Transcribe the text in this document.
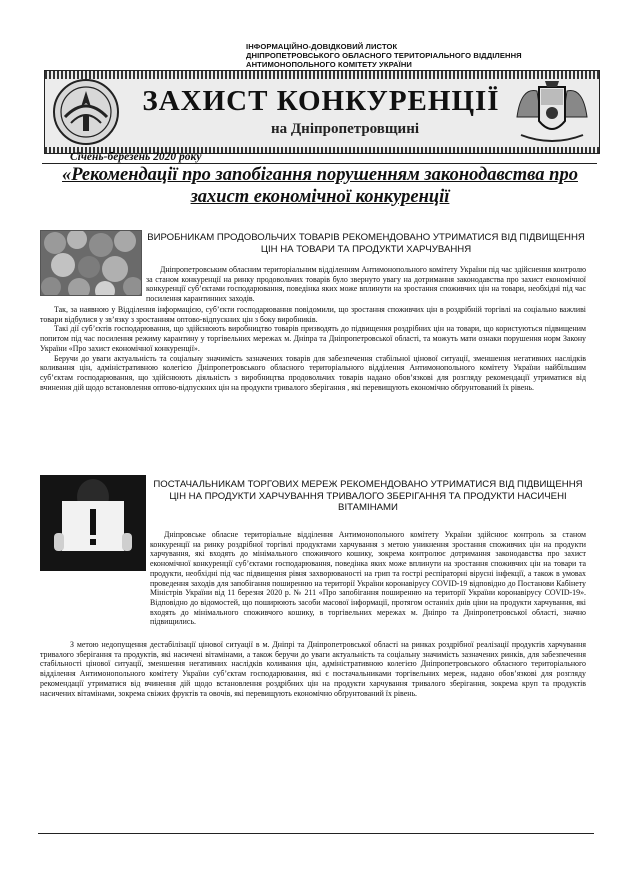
ІНФОРМАЦІЙНО-ДОВІДКОВИЙ ЛИСТОК
ДНІПРОПЕТРОВСЬКОГО ОБЛАСНОГО ТЕРИТОРІАЛЬНОГО ВІДДІЛЕННЯ
АНТИМОНОПОЛЬНОГО КОМІТЕТУ УКРАЇНИ
ЗАХИСТ КОНКУРЕНЦІЇ
на Дніпропетровщині
Січень-березень 2020 року
«Рекомендації про запобігання порушенням законодавства про захист економічної конкуренції
ВИРОБНИКАМ ПРОДОВОЛЬЧИХ ТОВАРІВ РЕКОМЕНДОВАНО УТРИМАТИСЯ ВІД ПІДВИЩЕННЯ ЦІН НА ТОВАРИ ТА ПРОДУКТИ ХАРЧУВАННЯ

Дніпропетровським обласним територіальним відділенням Антимонопольного комітету України під час здійснення контролю за станом конкуренції на ринку продовольчих товарів було звернуто увагу на дотримання законодавства про захист економічної конкуренції суб’єктами господарювання, поведінка яких може вплинути на зростання споживчих цін на товари, необхідні під час посилення карантинних заходів.

Так, за наявною у Відділення інформацією, суб’єкти господарювання повідомили, що зростання споживчих цін в роздрібній торгівлі на соціально важливі товари відбулися у зв’язку з зростанням оптово-відпускних цін з боку виробників.

Такі дії суб’єктів господарювання, що здійснюють виробництво товарів призводять до підвищення роздрібних цін на товари, що користуються підвищеним попитом під час посилення режиму карантину у торгівельних мережах м. Дніпра та Дніпропетровської області, та можуть мати ознаки порушення норм Закону України «Про захист економічної конкуренції».

Беручи до уваги актуальність та соціальну значимість зазначених товарів для забезпечення стабільної цінової ситуації, зменшення негативних наслідків коливання цін, адміністративною колегією Дніпропетровського обласного територіального відділення Антимонопольного комітету України найбільшим суб’єктам господарювання, що здійснюють діяльність з виробництва продовольчих товарів надано обов’язкові для розгляду рекомендації утриматися від вчинення дій щодо встановлення оптово-відпускних цін на продукти тривалого зберігання , які перевищують економічно обґрунтований їх рівень.

ПОСТАЧАЛЬНИКАМ ТОРГОВИХ МЕРЕЖ РЕКОМЕНДОВАНО УТРИМАТИСЯ ВІД ПІДВИЩЕННЯ ЦІН НА ПРОДУКТИ ХАРЧУВАННЯ ТРИВАЛОГО ЗБЕРІГАННЯ ТА ПРОДУКТИ НАСИЧЕНІ ВІТАМІНАМИ

Дніпровське обласне територіальне відділення Антимонопольного комітету України здійснює контроль за станом конкуренції на ринку роздрібної торгівлі продуктами харчування з метою уникнення зростання споживчих цін на продукти харчування, які входять до мінімального споживчого кошику, зокрема контролює дотримання законодавства про захист економічної конкуренції суб’єктами господарювання, поведінка яких може вплинути на зростання споживчих цін на товари та продукти, необхідні під час підвищення рівня захворюваності на грип та гострі респіраторні вірусні інфекції, а також в умовах проведення заходів для запобігання поширенню на території України коронавірусу COVID-19 відповідно до Постанови Кабінету Міністрів України від 11 березня 2020 р. № 211 «Про запобігання поширенню на території України коронавірусу COVID-19». Відповідно до відомостей, що поширюють засоби масової інформації, протягом останніх днів ціни на продукти харчування, які входять до мінімального споживчого кошику, в торгівельних мережах м. Дніпро та Дніпропетровської області, значно підвищились.

З метою недопущення дестабілізації цінової ситуації в м. Дніпрі та Дніпропетровської області на ринках роздрібної реалізації продуктів харчування тривалого зберігання та продуктів, які насичені вітамінами, а також беручи до уваги актуальність та соціальну значимість зазначених ринків, для забезпечення стабільності цінової ситуації, зменшення негативних наслідків коливання цін, адміністративною колегією Дніпропетровського обласного територіального відділення Антимонопольного комітету України суб’єктам господарювання, які є постачальниками торгівельних мереж, надано обов’язкові для розгляду рекомендації утриматися від вчинення дій щодо встановлення роздрібних цін на продукти харчування тривалого зберігання, зокрема круп та продуктів насичених вітамінами, зокрема свіжих фруктів та овочів, які перевищують економічно обґрунтований їх рівень.
